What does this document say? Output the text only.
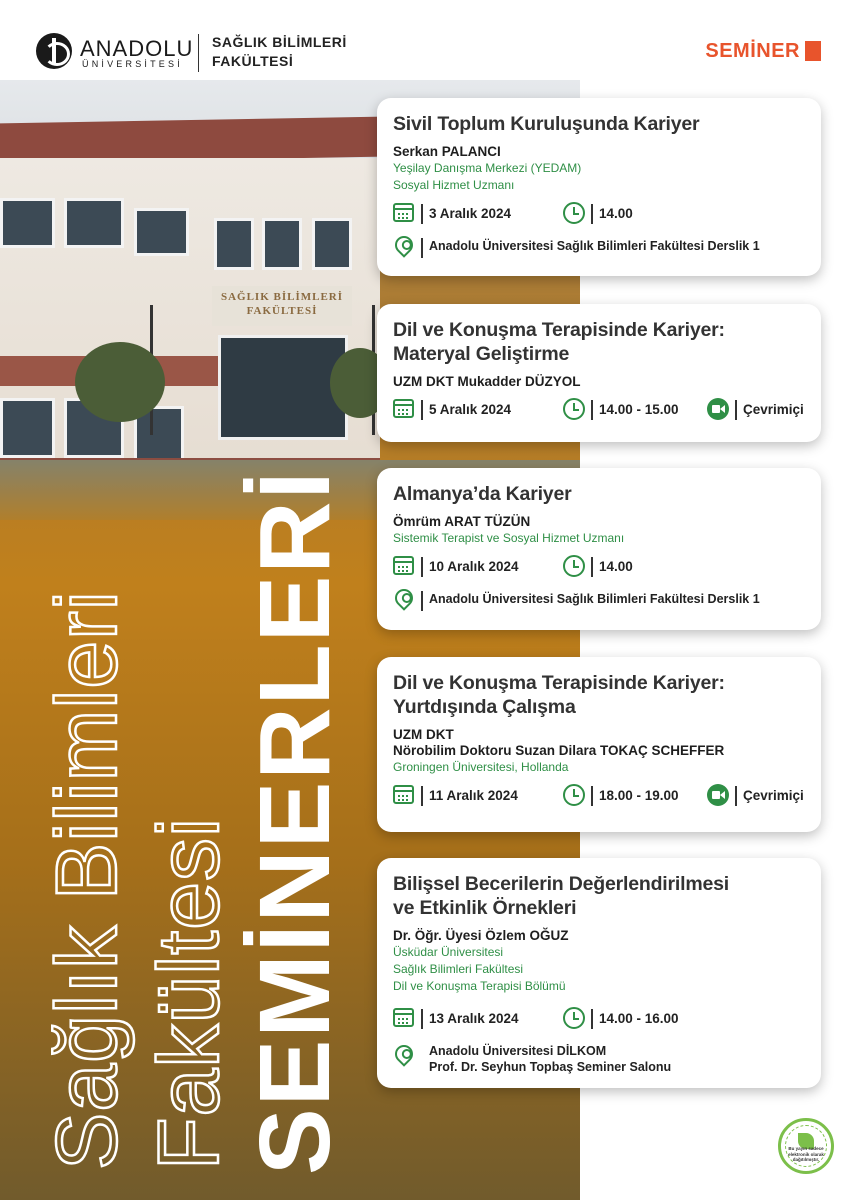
ANADOLU
ÜNİVERSİTESİ
SAĞLIK BİLİMLERİ
FAKÜLTESİ	SEMİNER
SAĞLIK BİLİMLERİ
FAKÜLTESİ
Sağlık Bilimleri Fakültesi SEMİNERLERİ
Sivil Toplum Kuruluşunda Kariyer
Serkan PALANCI
Yeşilay Danışma Merkezi (YEDAM)
Sosyal Hizmet Uzmanı
3 Aralık 2024	14.00
Anadolu Üniversitesi Sağlık Bilimleri Fakültesi Derslik 1
Dil ve Konuşma Terapisinde Kariyer:
Materyal Geliştirme
UZM DKT Mukadder DÜZYOL
5 Aralık 2024	14.00 - 15.00	Çevrimiçi
Almanya’da Kariyer
Ömrüm ARAT TÜZÜN
Sistemik Terapist ve Sosyal Hizmet Uzmanı
10 Aralık 2024	14.00
Anadolu Üniversitesi Sağlık Bilimleri Fakültesi Derslik 1
Dil ve Konuşma Terapisinde Kariyer:
Yurtdışında Çalışma
UZM DKT
Nörobilim Doktoru Suzan Dilara TOKAÇ SCHEFFER
Groningen Üniversitesi, Hollanda
11 Aralık 2024	18.00 - 19.00	Çevrimiçi
Bilişsel Becerilerin Değerlendirilmesi
ve Etkinlik Örnekleri
Dr. Öğr. Üyesi Özlem OĞUZ
Üsküdar Üniversitesi
Sağlık Bilimleri Fakültesi
Dil ve Konuşma Terapisi Bölümü
13 Aralık 2024	14.00 - 16.00
Anadolu Üniversitesi DİLKOM
Prof. Dr. Seyhun Topbaş Seminer Salonu
Bu yayın sadece elektronik olarak dağıtılmıştır.
